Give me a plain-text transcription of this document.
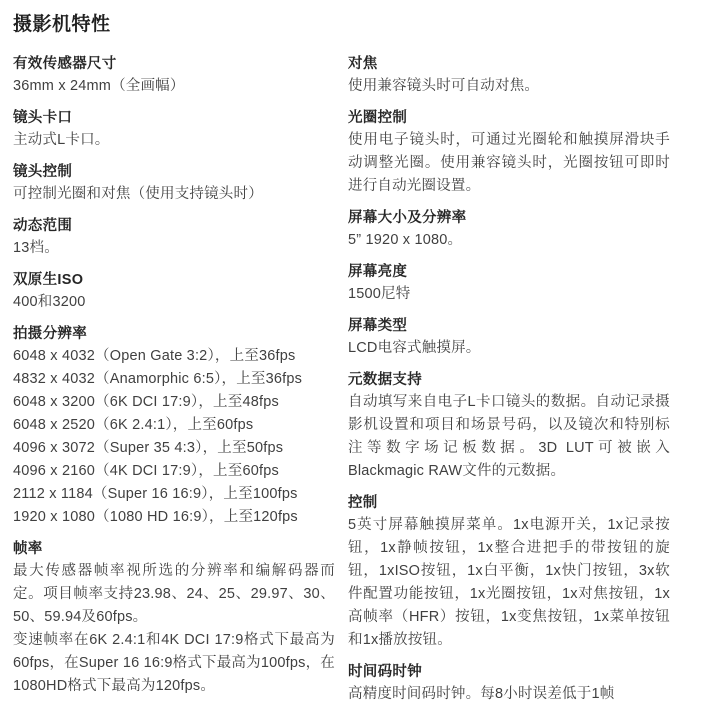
摄影机特性
有效传感器尺寸

36mm x 24mm（全画幅）

镜头卡口

主动式L卡口。

镜头控制

可控制光圈和对焦（使用支持镜头时）

动态范围

13档。

双原生ISO

400和3200

拍摄分辨率

6048 x 4032（Open Gate 3:2），上至36fps

4832 x 4032（Anamorphic 6:5），上至36fps

6048 x 3200（6K DCI 17:9），上至48fps

6048 x 2520（6K 2.4:1），上至60fps

4096 x 3072（Super 35 4:3），上至50fps

4096 x 2160（4K DCI 17:9），上至60fps

2112 x 1184（Super 16 16:9），上至100fps

1920 x 1080（1080 HD 16:9），上至120fps

帧率

最大传感器帧率视所选的分辨率和编解码器而定。项目帧率支持23.98、24、25、29.97、30、50、59.94及60fps。

变速帧率在6K 2.4:1和4K DCI 17:9格式下最高为60fps，在Super 16 16:9格式下最高为100fps，在1080HD格式下最高为120fps。

对焦

使用兼容镜头时可自动对焦。

光圈控制

使用电子镜头时，可通过光圈轮和触摸屏滑块手动调整光圈。使用兼容镜头时，光圈按钮可即时进行自动光圈设置。

屏幕大小及分辨率

5” 1920 x 1080。

屏幕亮度

1500尼特

屏幕类型

LCD电容式触摸屏。

元数据支持

自动填写来自电子L卡口镜头的数据。自动记录摄影机设置和项目和场景号码，以及镜次和特别标注等数字场记板数据。3D LUT可被嵌入Blackmagic RAW文件的元数据。

控制

5英寸屏幕触摸屏菜单。1x电源开关，1x记录按钮，1x静帧按钮，1x整合进把手的带按钮的旋钮，1xISO按钮，1x白平衡，1x快门按钮，3x软件配置功能按钮，1x光圈按钮，1x对焦按钮，1x高帧率（HFR）按钮，1x变焦按钮，1x菜单按钮和1x播放按钮。

时间码时钟

高精度时间码时钟。每8小时误差低于1帧
